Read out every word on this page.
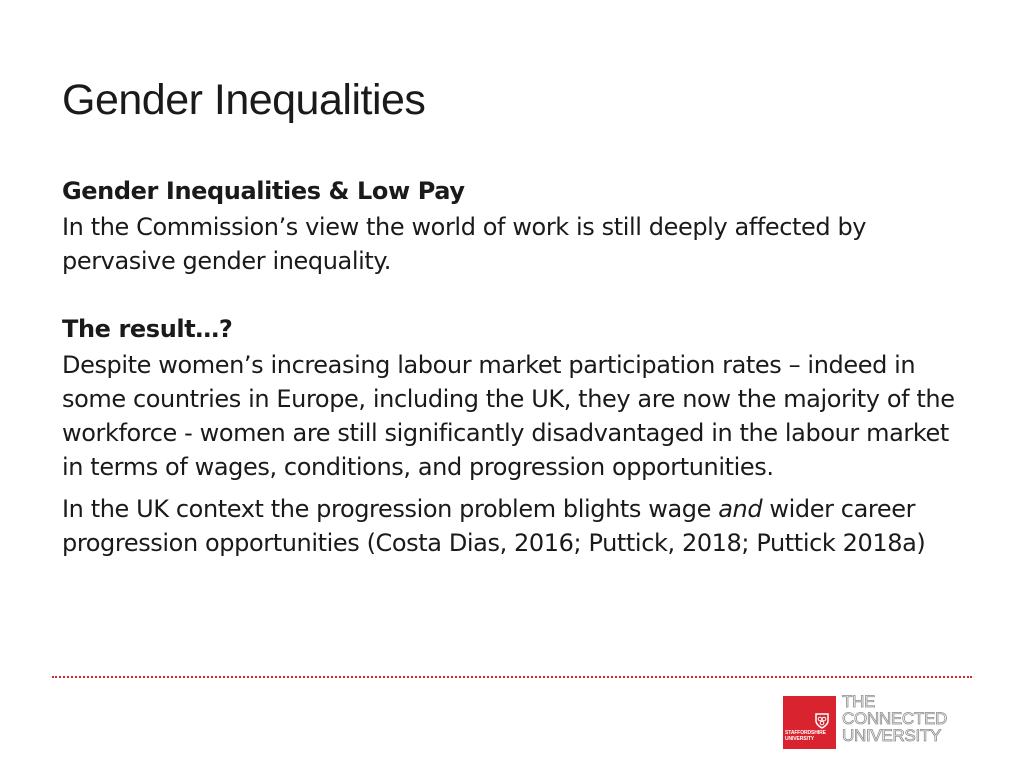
Gender Inequalities

Gender Inequalities & Low Pay

In the Commission’s view the world of work is still deeply affected by pervasive gender inequality.

The result…?

Despite women’s increasing labour market participation rates – indeed in some countries in Europe, including the UK, they are now the majority of the workforce - women are still significantly disadvantaged in the labour market in terms of wages, conditions, and progression opportunities.

In the UK context the progression problem blights wage and wider career progression opportunities (Costa Dias, 2016; Puttick, 2018; Puttick 2018a)

STAFFORDSHIRE
UNIVERSITY
THE
CONNECTED
UNIVERSITY
